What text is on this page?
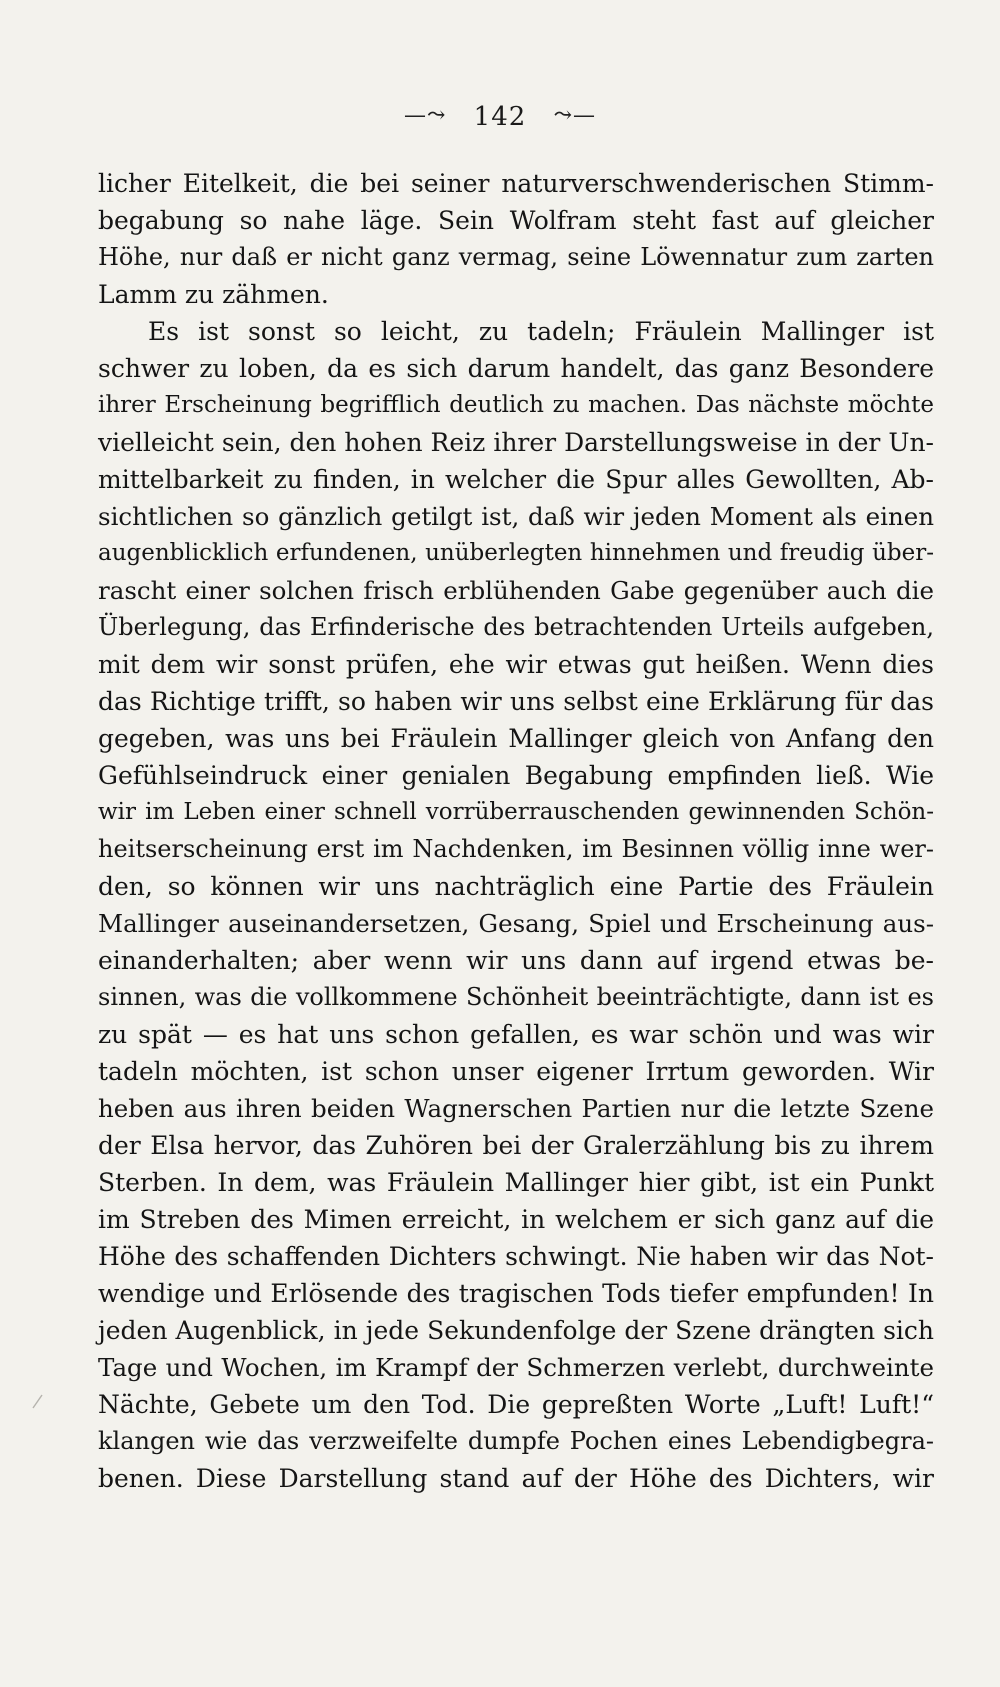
—⤳ 142 ⤳—
licher Eitelkeit, die bei seiner naturverschwenderischen Stimm-
begabung so nahe läge. Sein Wolfram steht fast auf gleicher
Höhe, nur daß er nicht ganz vermag, seine Löwennatur zum zarten
Lamm zu zähmen.
Es ist sonst so leicht, zu tadeln; Fräulein Mallinger ist
schwer zu loben, da es sich darum handelt, das ganz Besondere
ihrer Erscheinung begrifflich deutlich zu machen. Das nächste möchte
vielleicht sein, den hohen Reiz ihrer Darstellungsweise in der Un-
mittelbarkeit zu finden, in welcher die Spur alles Gewollten, Ab-
sichtlichen so gänzlich getilgt ist, daß wir jeden Moment als einen
augenblicklich erfundenen, unüberlegten hinnehmen und freudig über-
rascht einer solchen frisch erblühenden Gabe gegenüber auch die
Überlegung, das Erfinderische des betrachtenden Urteils aufgeben,
mit dem wir sonst prüfen, ehe wir etwas gut heißen. Wenn dies
das Richtige trifft, so haben wir uns selbst eine Erklärung für das
gegeben, was uns bei Fräulein Mallinger gleich von Anfang den
Gefühlseindruck einer genialen Begabung empfinden ließ. Wie
wir im Leben einer schnell vorrüberrauschenden gewinnenden Schön-
heitserscheinung erst im Nachdenken, im Besinnen völlig inne wer-
den, so können wir uns nachträglich eine Partie des Fräulein
Mallinger auseinandersetzen, Gesang, Spiel und Erscheinung aus-
einanderhalten; aber wenn wir uns dann auf irgend etwas be-
sinnen, was die vollkommene Schönheit beeinträchtigte, dann ist es
zu spät — es hat uns schon gefallen, es war schön und was wir
tadeln möchten, ist schon unser eigener Irrtum geworden. Wir
heben aus ihren beiden Wagnerschen Partien nur die letzte Szene
der Elsa hervor, das Zuhören bei der Gralerzählung bis zu ihrem
Sterben. In dem, was Fräulein Mallinger hier gibt, ist ein Punkt
im Streben des Mimen erreicht, in welchem er sich ganz auf die
Höhe des schaffenden Dichters schwingt. Nie haben wir das Not-
wendige und Erlösende des tragischen Tods tiefer empfunden! In
jeden Augenblick, in jede Sekundenfolge der Szene drängten sich
Tage und Wochen, im Krampf der Schmerzen verlebt, durchweinte
Nächte, Gebete um den Tod. Die gepreßten Worte „Luft! Luft!“
klangen wie das verzweifelte dumpfe Pochen eines Lebendigbegra-
benen. Diese Darstellung stand auf der Höhe des Dichters, wir
